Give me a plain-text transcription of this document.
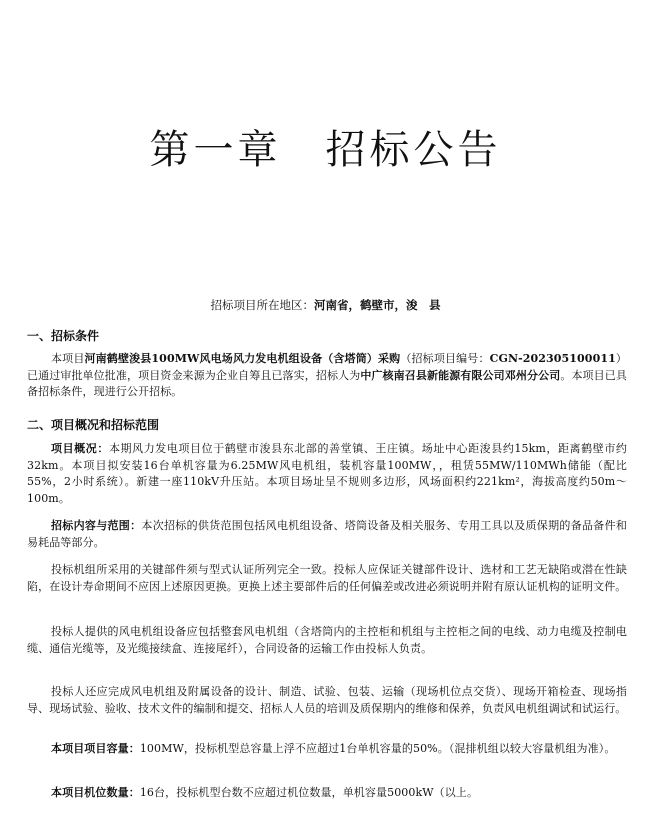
第一章　招标公告
招标项目所在地区：河南省，鹤壁市，浚　县
一、招标条件
本项目河南鹤壁浚县100MW风电场风力发电机组设备（含塔筒）采购（招标项目编号：CGN-202305100011）已通过审批单位批准，项目资金来源为企业自筹且已落实，招标人为中广核南召县新能源有限公司邓州分公司。本项目已具备招标条件，现进行公开招标。
二、项目概况和招标范围
项目概况：本期风力发电项目位于鹤壁市浚县东北部的善堂镇、王庄镇。场址中心距浚县约15km，距离鹤壁市约32km。本项目拟安装16台单机容量为6.25MW风电机组，装机容量100MW，，租赁55MW/110MWh储能（配比55%，2小时系统）。新建一座110kV升压站。本项目场址呈不规则多边形，风场面积约221km²，海拔高度约50m～100m。
招标内容与范围：本次招标的供货范围包括风电机组设备、塔筒设备及相关服务、专用工具以及质保期的备品备件和易耗品等部分。
投标机组所采用的关键部件须与型式认证所列完全一致。投标人应保证关键部件设计、选材和工艺无缺陷或潜在性缺陷，在设计寿命期间不应因上述原因更换。更换上述主要部件后的任何偏差或改进必须说明并附有原认证机构的证明文件。
投标人提供的风电机组设备应包括整套风电机组（含塔筒内的主控柜和机组与主控柜之间的电线、动力电缆及控制电缆、通信光缆等，及光缆接续盒、连接尾纤），合同设备的运输工作由投标人负责。
投标人还应完成风电机组及附属设备的设计、制造、试验、包装、运输（现场机位点交货）、现场开箱检查、现场指导、现场试验、验收、技术文件的编制和提交、招标人人员的培训及质保期内的维修和保养，负责风电机组调试和试运行。
本项目项目容量：100MW，投标机型总容量上浮不应超过1台单机容量的50%。（混排机组以较大容量机组为准）。
本项目机位数量：16台，投标机型台数不应超过机位数量，单机容量5000kW（以上。
